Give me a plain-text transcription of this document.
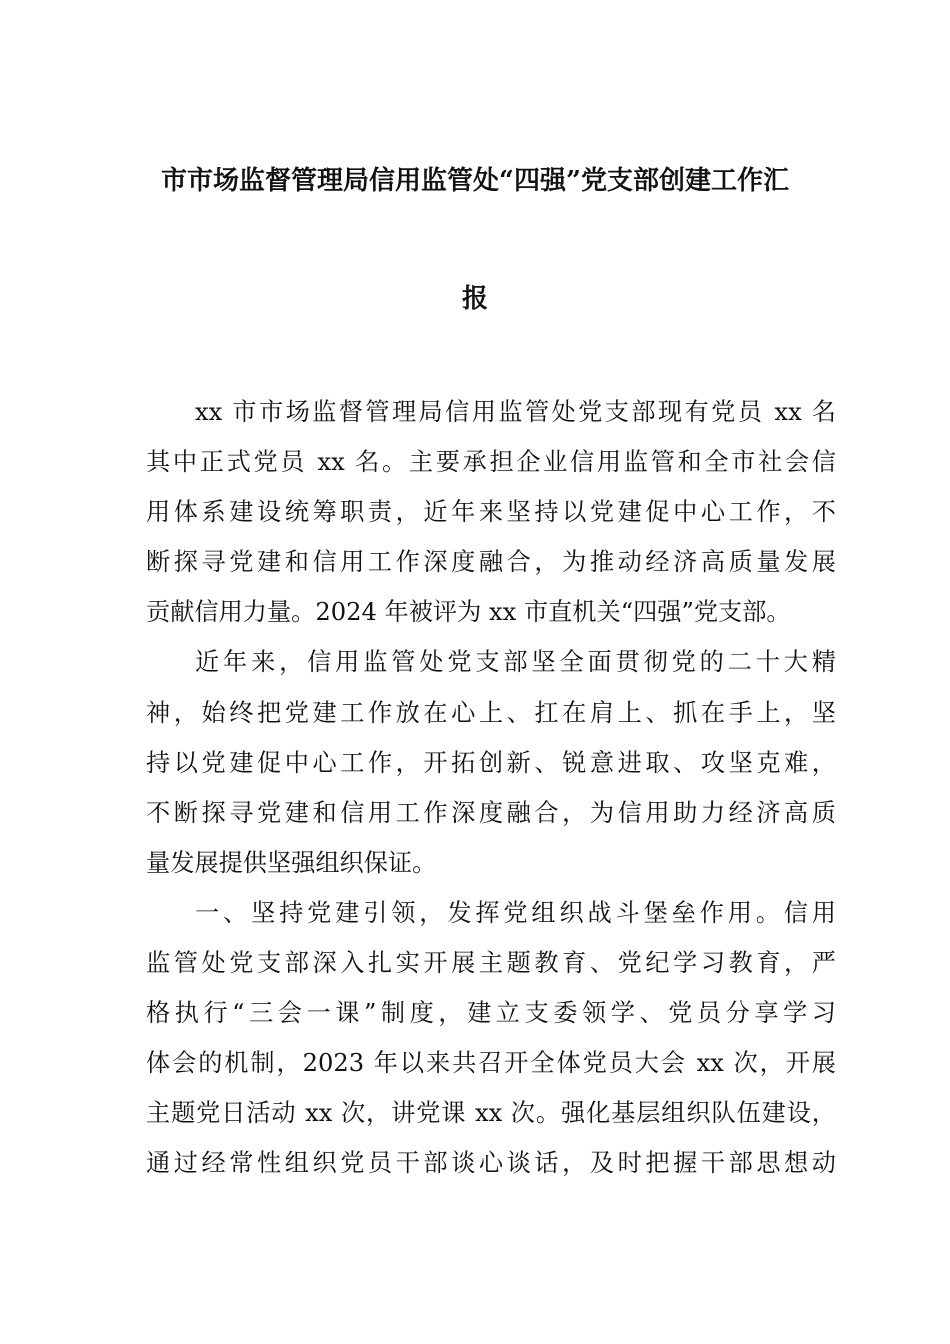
市市场监督管理局信用监管处“四强”党支部创建工作汇
报
xx 市市场监督管理局信用监管处党支部现有党员 xx 名
其中正式党员 xx 名。主要承担企业信用监管和全市社会信
用体系建设统筹职责，近年来坚持以党建促中心工作，不
断探寻党建和信用工作深度融合，为推动经济高质量发展
贡献信用力量。2024 年被评为 xx 市直机关“四强”党支部。
近年来，信用监管处党支部坚全面贯彻党的二十大精
神，始终把党建工作放在心上、扛在肩上、抓在手上，坚
持以党建促中心工作，开拓创新、锐意进取、攻坚克难，
不断探寻党建和信用工作深度融合，为信用助力经济高质
量发展提供坚强组织保证。
一、坚持党建引领，发挥党组织战斗堡垒作用。信用
监管处党支部深入扎实开展主题教育、党纪学习教育，严
格执行“三会一课”制度，建立支委领学、党员分享学习
体会的机制，2023 年以来共召开全体党员大会 xx 次，开展
主题党日活动 xx 次，讲党课 xx 次。强化基层组织队伍建设，
通过经常性组织党员干部谈心谈话，及时把握干部思想动
